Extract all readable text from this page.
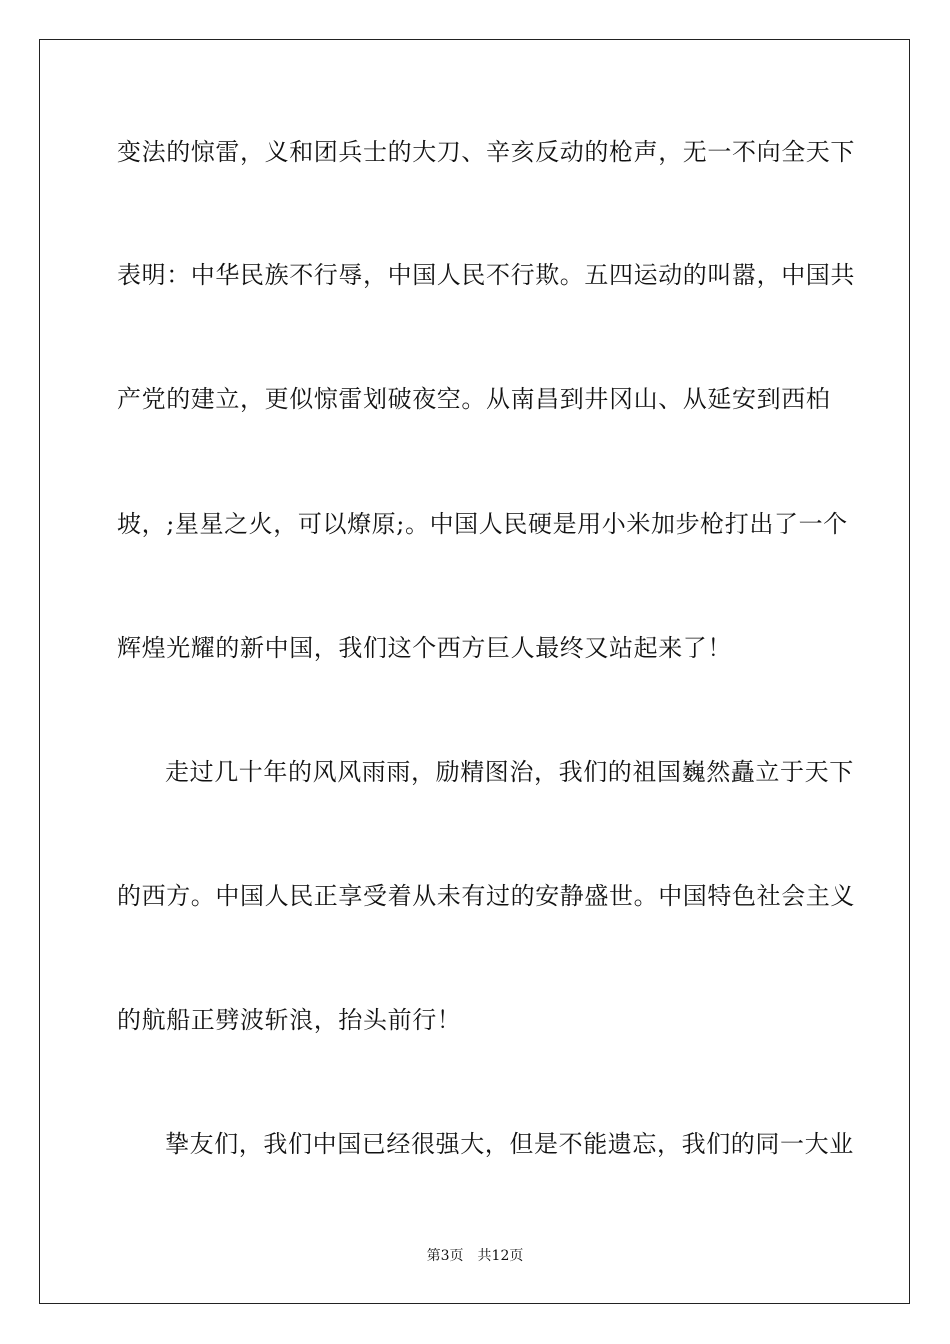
变法的惊雷，义和团兵士的大刀、辛亥反动的枪声，无一不向全天下
表明：中华民族不行辱，中国人民不行欺。五四运动的叫嚣，中国共
产党的建立，更似惊雷划破夜空。从南昌到井冈山、从延安到西柏
坡，;星星之火，可以燎原;。中国人民硬是用小米加步枪打出了一个
辉煌光耀的新中国，我们这个西方巨人最终又站起来了！
走过几十年的风风雨雨，励精图治，我们的祖国巍然矗立于天下
的西方。中国人民正享受着从未有过的安静盛世。中国特色社会主义
的航船正劈波斩浪，抬头前行！
挚友们，我们中国已经很强大，但是不能遗忘，我们的同一大业
第3页 共12页
